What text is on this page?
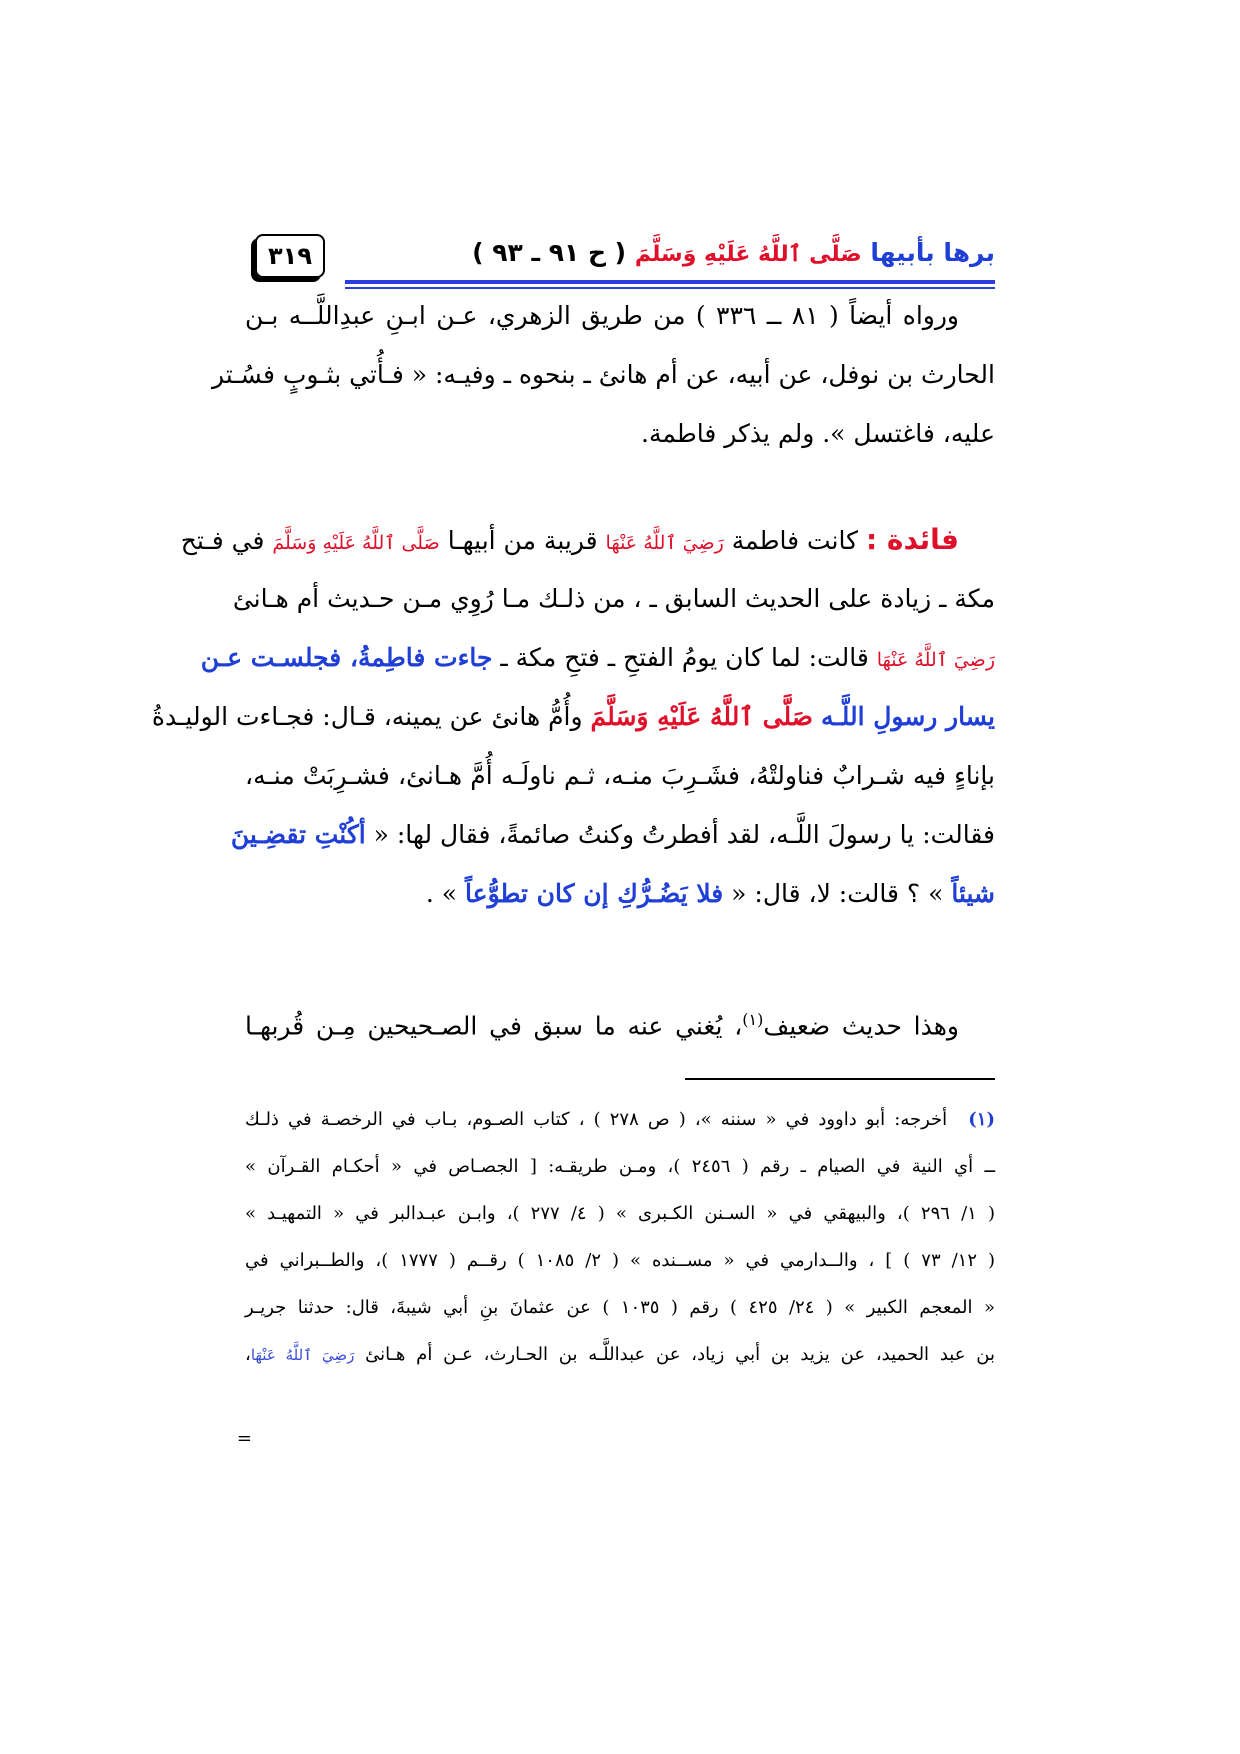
٣١٩	برها بأبيها صَلَّى ٱللَّهُ عَلَيْهِ وَسَلَّمَ ( ح ٩١ ـ ٩٣ )
ورواه أيضاً ( ٨١ ــ ٣٣٦ ) من طريق الزهري، عـن ابـنِ عبدِاللَّــه بـن
الحارث بن نوفل، عن أبيه، عن أم هانئ ـ بنحوه ـ وفيـه: « فـأُتي بثـوبٍ فسُـتر
عليه، فاغتسل ». ولم يذكر فاطمة.
فائدة : كانت فاطمة رَضِيَ ٱللَّهُ عَنْهَا قريبة من أبيهـا صَلَّى ٱللَّهُ عَلَيْهِ وَسَلَّمَ في فـتح
مكة ـ زيادة على الحديث السابق ـ ، من ذلـك مـا رُوِي مـن حـديث أم هـانئ
رَضِيَ ٱللَّهُ عَنْهَا قالت: لما كان يومُ الفتحِ ـ فتحِ مكة ـ جاءت فاطِمةُ، فجلسـت عـن
يسار رسولِ اللَّـه صَلَّى ٱللَّهُ عَلَيْهِ وَسَلَّمَ وأُمُّ هانئ عن يمينه، قـال: فجـاءت الوليـدةُ
بإناءٍ فيه شـرابٌ فناولتْهُ، فشَـرِبَ منـه، ثـم ناولَـه أُمَّ هـانئ، فشـرِبَتْ منـه،
فقالت: يا رسولَ اللَّـه، لقد أفطرتُ وكنتُ صائمةً، فقال لها: « أكُنْتِ تقضِـينَ
شيئاً » ؟ قالت: لا، قال: « فلا يَضُـرُّكِ إن كان تطوُّعاً » .
وهذا حديث ضعيف$^{(١)}$، يُغني عنه ما سبق في الصـحيحين مِـن قُربهـا
(١) أخرجه: أبو داوود في « سننه »، ( ص ٢٧٨ ) ، كتاب الصـوم، بـاب في الرخصـة في ذلـك
ــ أي النية في الصيام ـ رقم ( ٢٤٥٦ )، ومـن طريقـه: [ الجصـاص في « أحكـام القـرآن »
( ١/ ٢٩٦ )، والبيهقي في « السـنن الكـبرى » ( ٤/ ٢٧٧ )، وابـن عبـدالبر في « التمهيـد »
( ١٢/ ٧٣ ) ] ، والــدارمي في « مســنده » ( ٢/ ١٠٨٥ ) رقــم ( ١٧٧٧ )، والطــبراني في
« المعجم الكبير » ( ٢٤/ ٤٢٥ ) رقم ( ١٠٣٥ ) عن عثمانَ بنِ أبي شيبةَ، قال: حدثنا جريـر
بن عبد الحميد، عن يزيد بن أبي زياد، عن عبداللَّـه بن الحـارث، عـن أم هـانئ رَضِيَ ٱللَّهُ عَنْهَا،
=
